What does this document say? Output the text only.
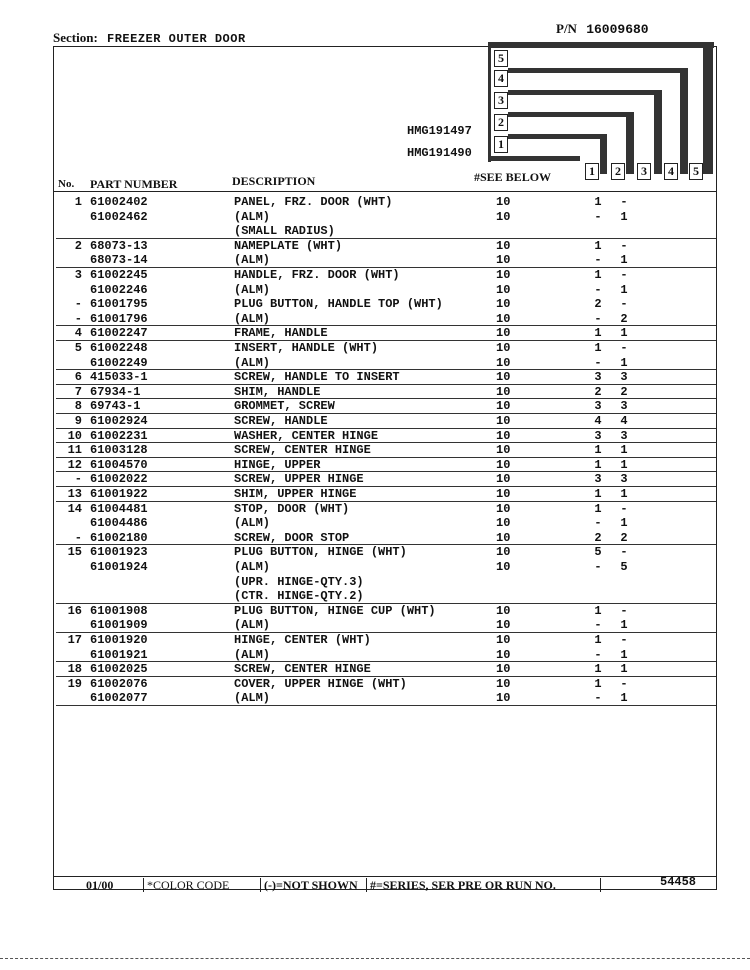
Section: FREEZER OUTER DOOR
P/N 16009680
5
4
3
2
1
1	2	3	4	5
HMG191497
HMG191490
No. PART NUMBER	DESCRIPTION	#SEE BELOW
1 61002402	PANEL, FRZ. DOOR (WHT)	10	1 -
61002462	(ALM)	10	- 1
(SMALL RADIUS)
2 68073-13	NAMEPLATE (WHT)	10	1 -
68073-14	(ALM)	10	- 1
3 61002245	HANDLE, FRZ. DOOR (WHT)	10	1 -
61002246	(ALM)	10	- 1
- 61001795	PLUG BUTTON, HANDLE TOP (WHT)	10	2 -
- 61001796	(ALM)	10	- 2
4 61002247	FRAME, HANDLE	10	1 1
5 61002248	INSERT, HANDLE (WHT)	10	1 -
61002249	(ALM)	10	- 1
6 415033-1	SCREW, HANDLE TO INSERT	10	3 3
7 67934-1	SHIM, HANDLE	10	2 2
8 69743-1	GROMMET, SCREW	10	3 3
9 61002924	SCREW, HANDLE	10	4 4
10 61002231	WASHER, CENTER HINGE	10	3 3
11 61003128	SCREW, CENTER HINGE	10	1 1
12 61004570	HINGE, UPPER	10	1 1
- 61002022	SCREW, UPPER HINGE	10	3 3
13 61001922	SHIM, UPPER HINGE	10	1 1
14 61004481	STOP, DOOR (WHT)	10	1 -
61004486	(ALM)	10	- 1
- 61002180	SCREW, DOOR STOP	10	2 2
15 61001923	PLUG BUTTON, HINGE (WHT)	10	5 -
61001924	(ALM)	10	- 5
(UPR. HINGE-QTY.3)
(CTR. HINGE-QTY.2)
16 61001908	PLUG BUTTON, HINGE CUP (WHT)	10	1 -
61001909	(ALM)	10	- 1
17 61001920	HINGE, CENTER (WHT)	10	1 -
61001921	(ALM)	10	- 1
18 61002025	SCREW, CENTER HINGE	10	1 1
19 61002076	COVER, UPPER HINGE (WHT)	10	1 -
61002077	(ALM)	10	- 1
01/00	*COLOR CODE	(-)=NOT SHOWN #=SERIES, SER PRE OR RUN NO.	54458
